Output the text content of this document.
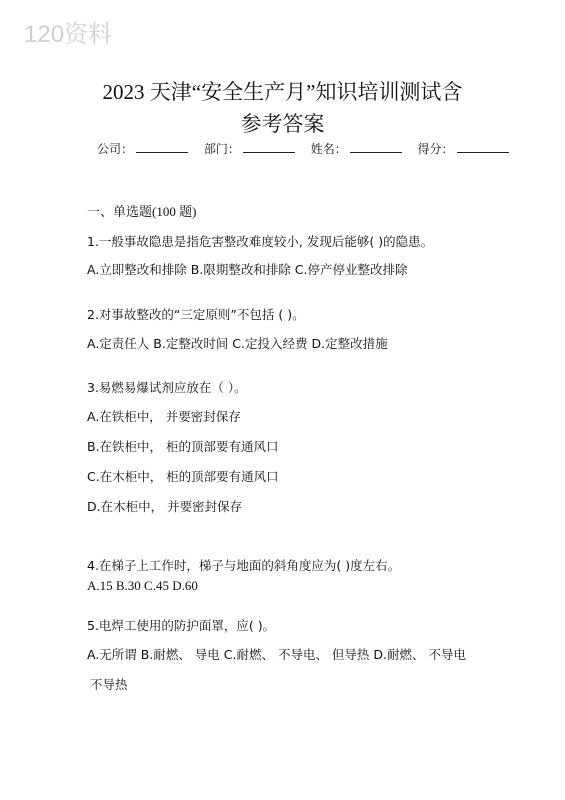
120资料
2023 天津“安全生产月”知识培训测试含
参考答案
公司：	部门：	姓名：	得分：
一、单选题(100 题)
1.一般事故隐患是指危害整改难度较小, 发现后能够( )的隐患。
A.立即整改和排除 B.限期整改和排除 C.停产停业整改排除
2.对事故整改的“三定原则”不包括 ( )。
A.定责任人 B.定整改时间 C.定投入经费 D.定整改措施
3.易燃易爆试剂应放在（ ）。
A.在铁柜中， 并要密封保存
B.在铁柜中， 柜的顶部要有通风口
C.在木柜中， 柜的顶部要有通风口
D.在木柜中， 并要密封保存
4.在梯子上工作时，梯子与地面的斜角度应为( )度左右。
A.15 B.30 C.45 D.60
5.电焊工使用的防护面罩，应( )。
A.无所谓 B.耐燃、 导电 C.耐燃、 不导电、 但导热 D.耐燃、 不导电
不导热
